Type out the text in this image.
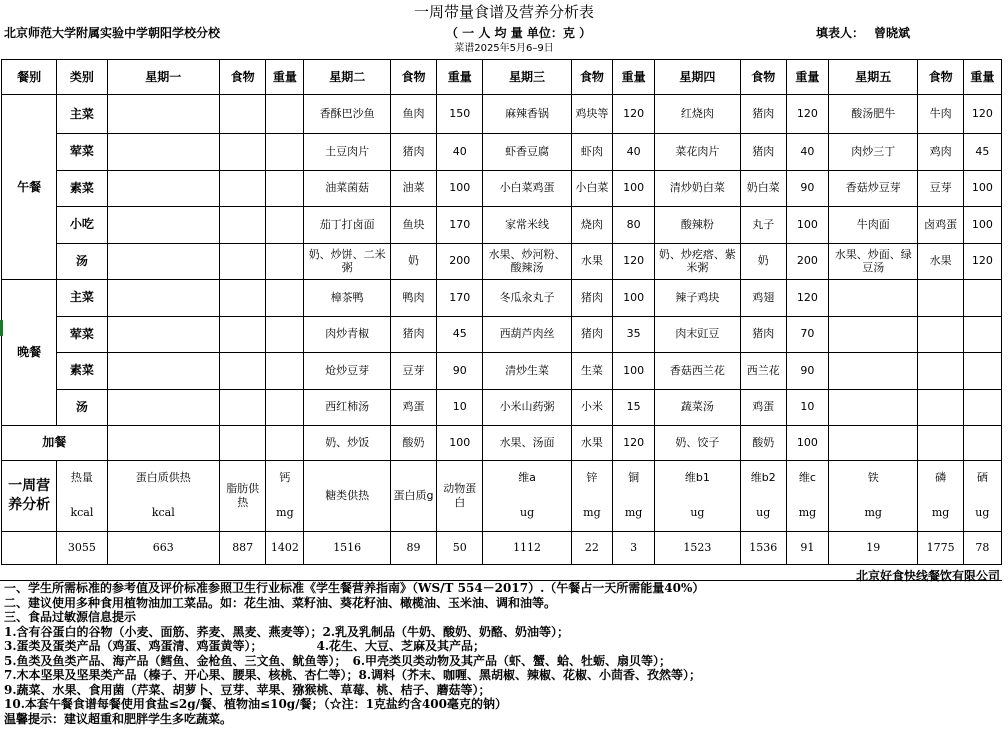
一周带量食谱及营养分析表
北京师范大学附属实验中学朝阳学校分校	（ 一 人 均 量 单位：克 ）	填表人： 曾晓斌
菜谱2025年5月6–9日
餐别	类别	星期一	食物	重量	星期二	食物	重量	星期三	食物	重量	星期四	食物	重量	星期五	食物	重量
午餐	主菜				香酥巴沙鱼	鱼肉	150	麻辣香锅	鸡块等	120	红烧肉	猪肉	120	酸汤肥牛	牛肉	120
	荤菜				土豆肉片	猪肉	40	虾香豆腐	虾肉	40	菜花肉片	猪肉	40	肉炒三丁	鸡肉	45
	素菜				油菜菌菇	油菜	100	小白菜鸡蛋	小白菜	100	清炒奶白菜	奶白菜	90	香菇炒豆芽	豆芽	100
	小吃				茄丁打卤面	鱼块	170	家常米线	烧肉	80	酸辣粉	丸子	100	牛肉面	卤鸡蛋	100
	汤				奶、炒饼、二米粥	奶	200	水果、炒河粉、酸辣汤	水果	120	奶、炒疙瘩、紫米粥	奶	200	水果、炒面、绿豆汤	水果	120
晚餐	主菜				樟茶鸭	鸭肉	170	冬瓜汆丸子	猪肉	100	辣子鸡块	鸡翅	120			
	荤菜				肉炒青椒	猪肉	45	西葫芦肉丝	猪肉	35	肉末豇豆	猪肉	70			
	素菜				炝炒豆芽	豆芽	90	清炒生菜	生菜	100	香菇西兰花	西兰花	90			
	汤				西红柿汤	鸡蛋	10	小米山药粥	小米	15	蔬菜汤	鸡蛋	10			
加餐					奶、炒饭	酸奶	100	水果、汤面	水果	120	奶、饺子	酸奶	100			
一周营养分析	热量	蛋白质供热	脂肪供热	钙	糖类供热	蛋白质g	动物蛋白	维a	锌	铜	维b1	维b2	维c	铁	磷	硒
	kcal	kcal		mg				ug	mg	mg	ug	ug	mg	mg	mg	ug
	3055	663	887	1402	1516	89	50	1112	22	3	1523	1536	91	19	1775	78
北京好食快线餐饮有限公司
一、学生所需标准的参考值及评价标准参照卫生行业标准《学生餐营养指南》（WS/T 554－2017）.（午餐占一天所需能量40%）
二、建议使用多种食用植物油加工菜品。如：花生油、菜籽油、葵花籽油、橄榄油、玉米油、调和油等。
三、食品过敏源信息提示
1.含有谷蛋白的谷物（小麦、面筋、荞麦、黑麦、燕麦等）；2.乳及乳制品（牛奶、酸奶、奶酪、奶油等）；
3.蛋类及蛋类产品（鸡蛋、鸡蛋清、鸡蛋黄等）；　　　　　4.花生、大豆、芝麻及其产品；
5.鱼类及鱼类产品、海产品（鳕鱼、金枪鱼、三文鱼、鱿鱼等）；　6.甲壳类贝类动物及其产品（虾、蟹、蛤、牡蛎、扇贝等）；
7.木本坚果及坚果类产品（榛子、开心果、腰果、核桃、杏仁等）；8.调料（芥末、咖喱、黑胡椒、辣椒、花椒、小茴香、孜然等）；
9.蔬菜、水果、食用菌（芹菜、胡萝卜、豆芽、苹果、猕猴桃、草莓、桃、桔子、蘑菇等）；
10.本套午餐食谱每餐使用食盐≤2g/餐、植物油≤10g/餐；（☆注：1克盐约含400毫克的钠）
温馨提示：建议超重和肥胖学生多吃蔬菜。
